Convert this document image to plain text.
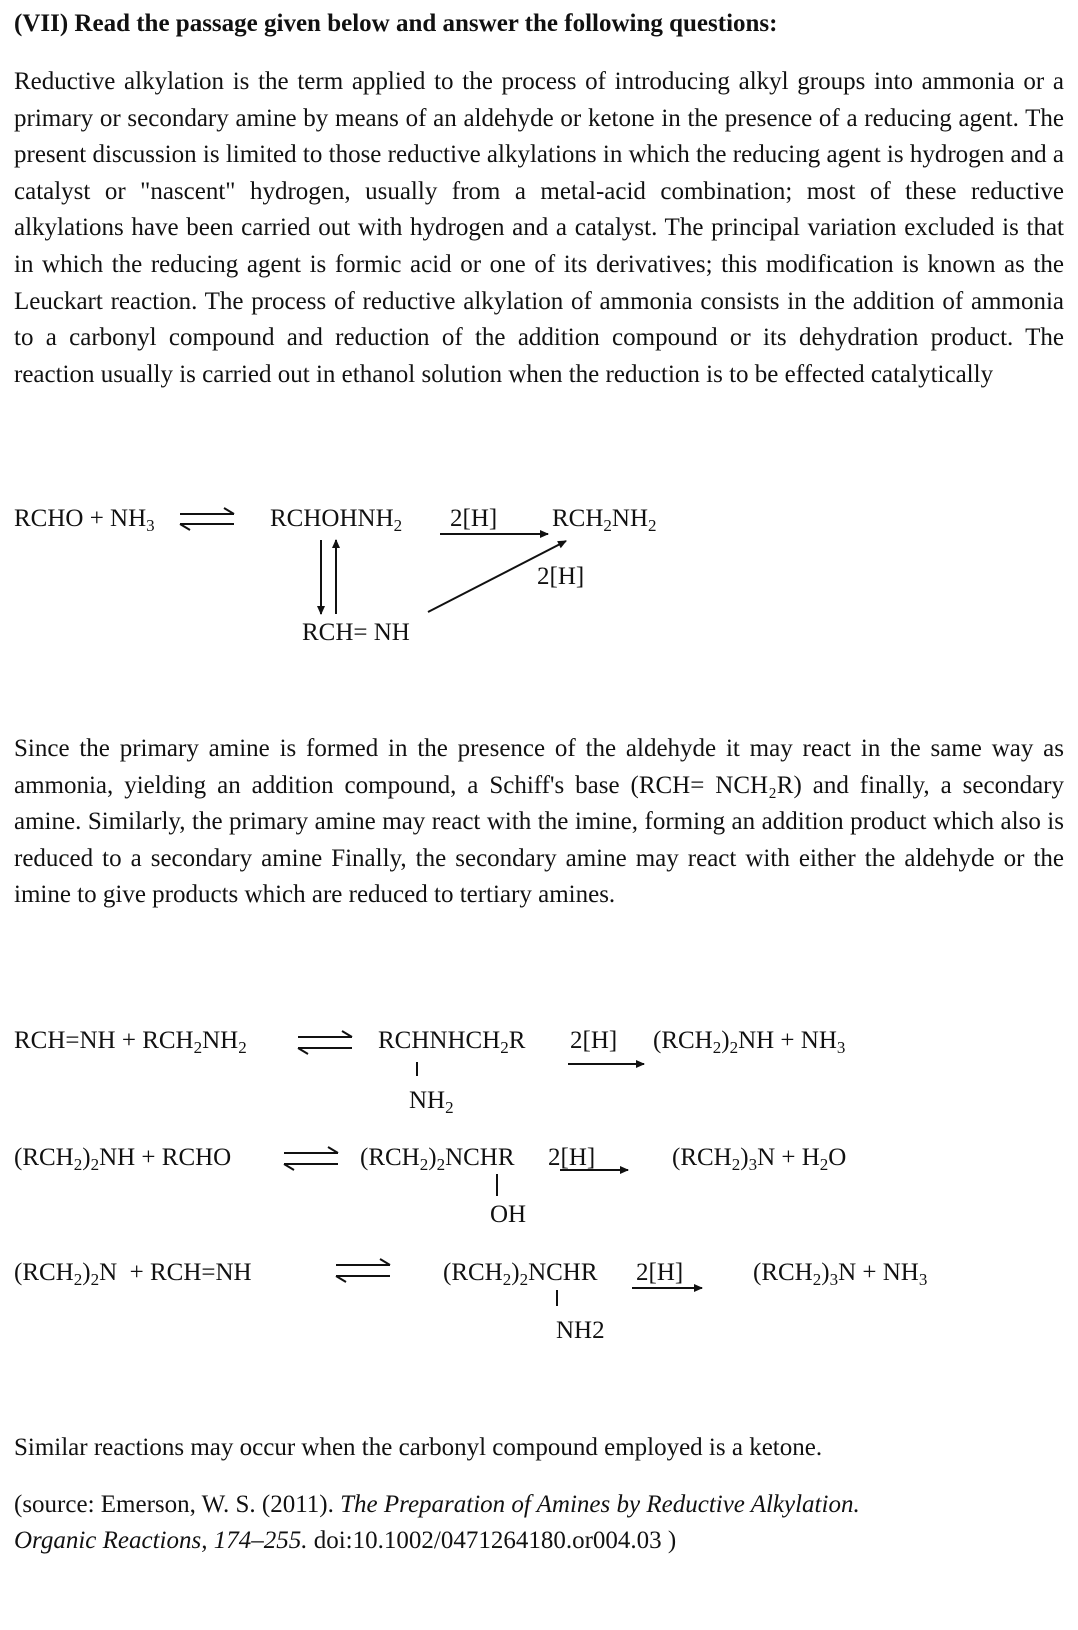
(VII) Read the passage given below and answer the following questions:

Reductive alkylation is the term applied to the process of introducing alkyl groups into ammonia or a primary or secondary amine by means of an aldehyde or ketone in the presence of a reducing agent. The present discussion is limited to those reductive alkylations in which the reducing agent is hydrogen and a catalyst or "nascent" hydrogen, usually from a metal-acid combination; most of these reductive alkylations have been carried out with hydrogen and a catalyst. The principal variation excluded is that in which the reducing agent is formic acid or one of its derivatives; this modification is known as the Leuckart reaction. The process of reductive alkylation of ammonia consists in the addition of ammonia to a carbonyl compound and reduction of the addition compound or its dehydration product. The reaction usually is carried out in ethanol solution when the reduction is to be effected catalytically

RCHO + $NH_3$	$RCHOHNH_2$ 2[H] $RCH_2NH_2$
2[H]
RCH= NH

Since the primary amine is formed in the presence of the aldehyde it may react in the same way as ammonia, yielding an addition compound, a Schiff's base (RCH= NCH₂R) and finally, a secondary amine. Similarly, the primary amine may react with the imine, forming an addition product which also is reduced to a secondary amine Finally, the secondary amine may react with either the aldehyde or the imine to give products which are reduced to tertiary amines.

$RCH=NH + RCH_2NH_2$	$RCHNHCH_2R$ 2[H] $(RCH_2)_2NH + NH_3$
$NH_2$
$(RCH_2)_2NH$ + RCHO	$(RCH_2)_2NCHR$ 2[H]	$(RCH_2)_3N + H_2O$
OH
$(RCH_2)_2N + RCH=NH$	$(RCH_2)_2NCHR$ 2[H]	$(RCH_2)_3N + NH_3$
NH2

Similar reactions may occur when the carbonyl compound employed is a ketone.

(source: Emerson, W. S. (2011). The Preparation of Amines by Reductive Alkylation.
Organic Reactions, 174–255. doi:10.1002/0471264180.or004.03 )
